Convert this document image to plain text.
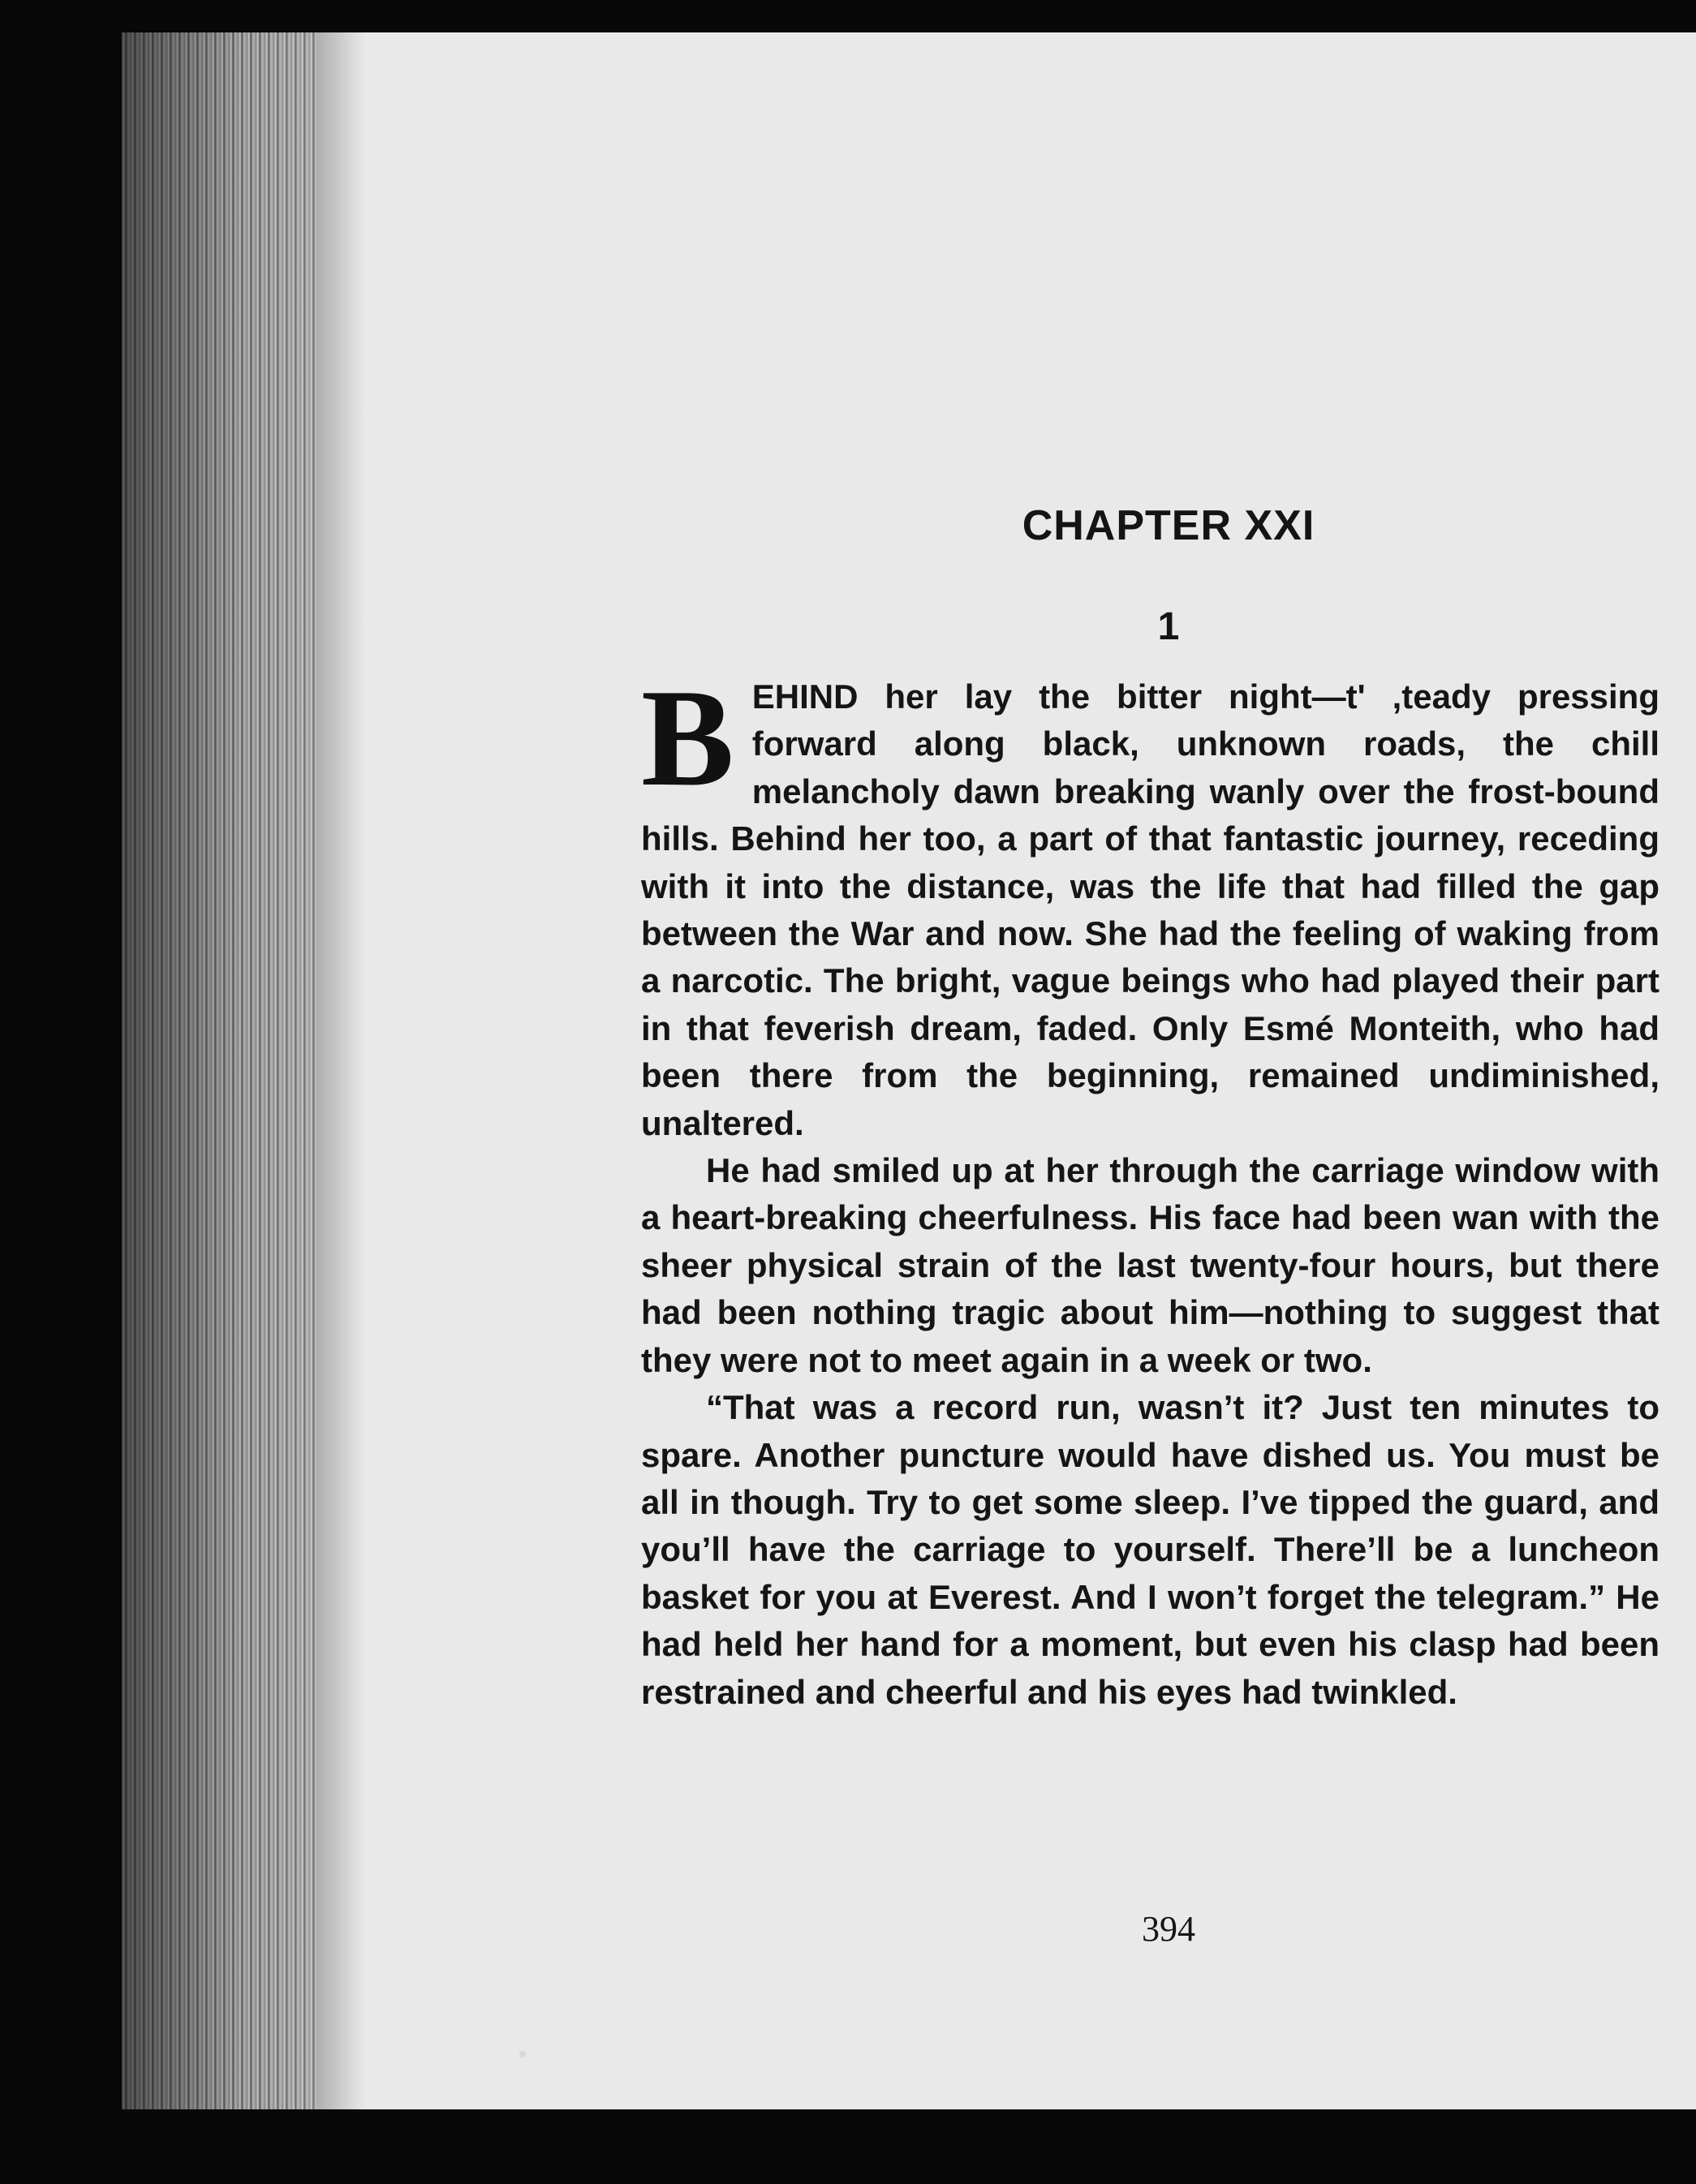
CHAPTER XXI
1

BEHIND her lay the bitter night—t' ,teady pressing forward along black, unknown roads, the chill melancholy dawn breaking wanly over the frost-bound hills. Behind her too, a part of that fantastic journey, receding with it into the distance, was the life that had filled the gap between the War and now. She had the feeling of waking from a narcotic. The bright, vague beings who had played their part in that feverish dream, faded. Only Esmé Monteith, who had been there from the beginning, remained undiminished, unaltered.

He had smiled up at her through the carriage window with a heart-breaking cheerfulness. His face had been wan with the sheer physical strain of the last twenty-four hours, but there had been nothing tragic about him—nothing to suggest that they were not to meet again in a week or two.

“That was a record run, wasn’t it? Just ten minutes to spare. Another puncture would have dished us. You must be all in though. Try to get some sleep. I’ve tipped the guard, and you’ll have the carriage to yourself. There’ll be a luncheon basket for you at Everest. And I won’t forget the telegram.” He had held her hand for a moment, but even his clasp had been restrained and cheerful and his eyes had twinkled.

394
